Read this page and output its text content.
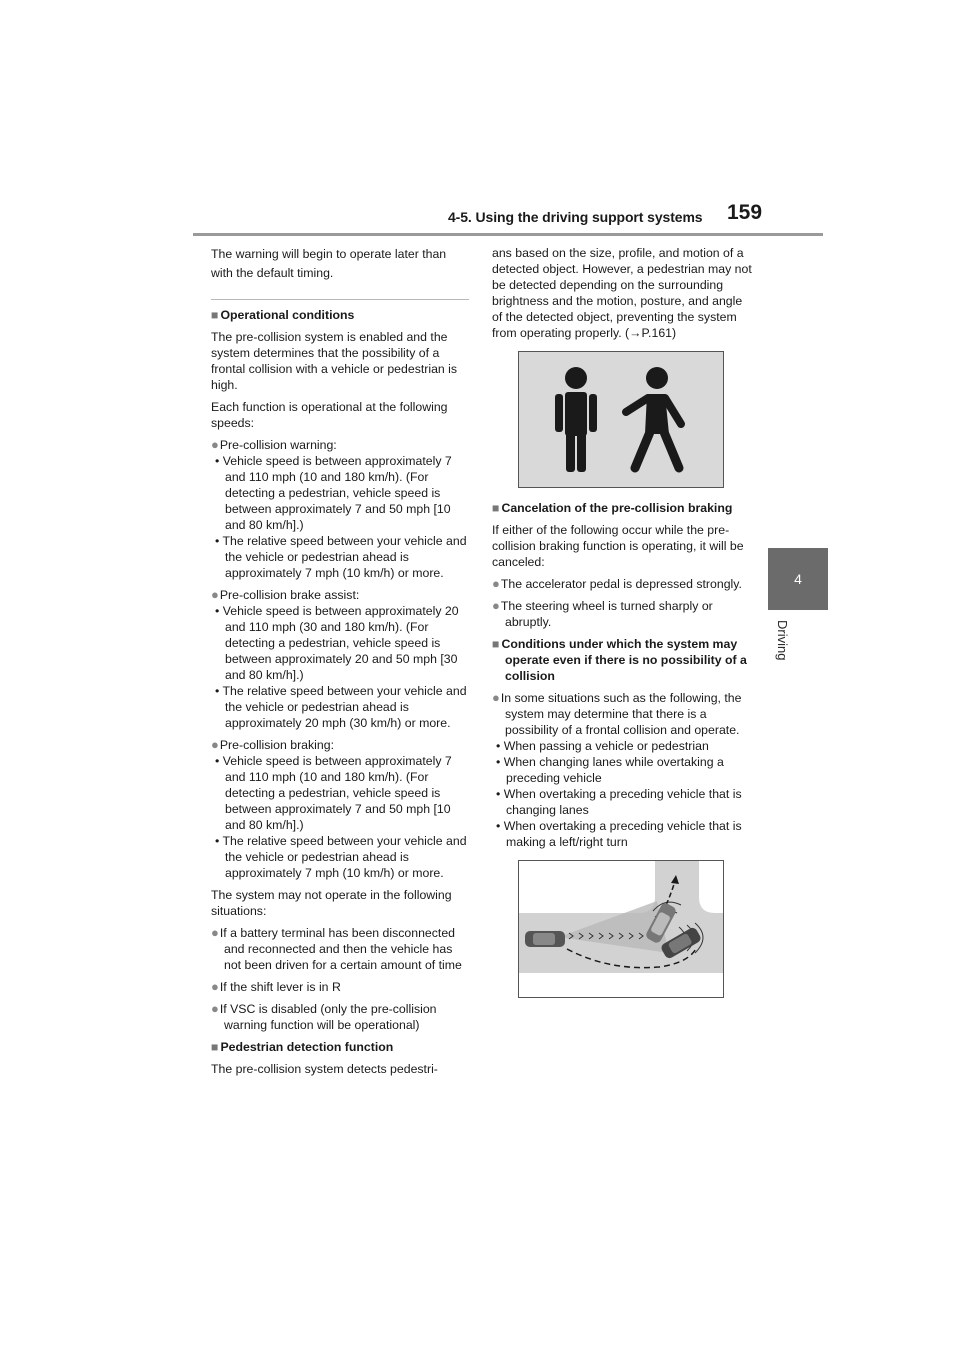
4-5. Using the driving support systems 159
4
Driving

The warning will begin to operate later than with the default timing.

■ Operational conditions

The pre-collision system is enabled and the system determines that the possibility of a frontal collision with a vehicle or pedestrian is high.

Each function is operational at the following speeds:

●Pre-collision warning:

• Vehicle speed is between approximately 7 and 110 mph (10 and 180 km/h). (For detecting a pedestrian, vehicle speed is between approximately 7 and 50 mph [10 and 80 km/h].)

• The relative speed between your vehicle and the vehicle or pedestrian ahead is approximately 7 mph (10 km/h) or more.

●Pre-collision brake assist:

• Vehicle speed is between approximately 20 and 110 mph (30 and 180 km/h). (For detecting a pedestrian, vehicle speed is between approximately 20 and 50 mph [30 and 80 km/h].)

• The relative speed between your vehicle and the vehicle or pedestrian ahead is approximately 20 mph (30 km/h) or more.

●Pre-collision braking:

• Vehicle speed is between approximately 7 and 110 mph (10 and 180 km/h). (For detecting a pedestrian, vehicle speed is between approximately 7 and 50 mph [10 and 80 km/h].)

• The relative speed between your vehicle and the vehicle or pedestrian ahead is approximately 7 mph (10 km/h) or more.

The system may not operate in the following situations:

●If a battery terminal has been disconnected and reconnected and then the vehicle has not been driven for a certain amount of time
●If the shift lever is in R
●If VSC is disabled (only the pre-collision warning function will be operational)
■ Pedestrian detection function

The pre-collision system detects pedestri-

ans based on the size, profile, and motion of a detected object. However, a pedestrian may not be detected depending on the surrounding brightness and the motion, posture, and angle of the detected object, preventing the system from operating properly. (→P.161)

■ Cancelation of the pre-collision braking

If either of the following occur while the pre-collision braking function is operating, it will be canceled:

●The accelerator pedal is depressed strongly.
●The steering wheel is turned sharply or abruptly.
■ Conditions under which the system may operate even if there is no possibility of a collision
●In some situations such as the following, the system may determine that there is a possibility of a frontal collision and operate.

• When passing a vehicle or pedestrian

• When changing lanes while overtaking a preceding vehicle

• When overtaking a preceding vehicle that is changing lanes

• When overtaking a preceding vehicle that is making a left/right turn
